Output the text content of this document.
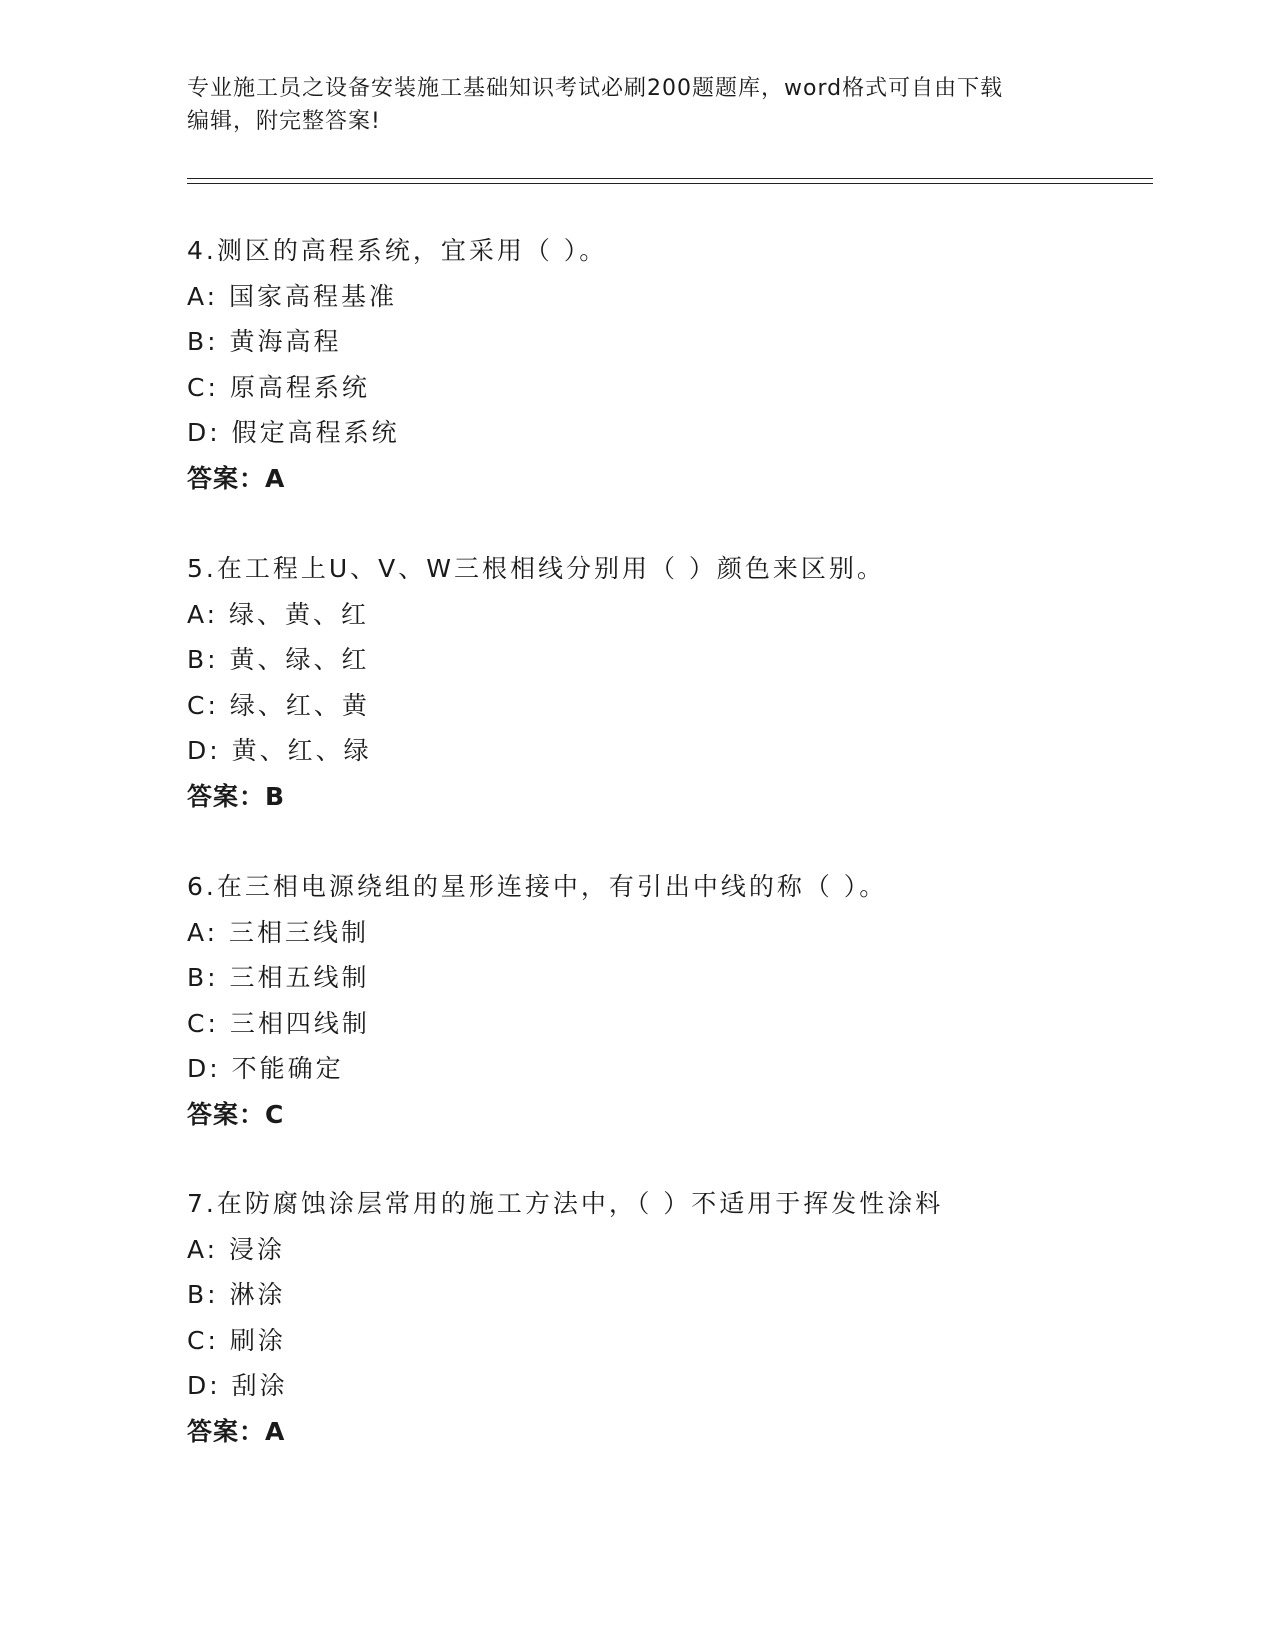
专业施工员之设备安装施工基础知识考试必刷200题题库，word格式可自由下载
编辑，附完整答案!
4.测区的高程系统，宜采用（ ）。
A: 国家高程基准
B: 黄海高程
C: 原高程系统
D: 假定高程系统
答案：A
5.在工程上U、V、W三根相线分别用（ ）颜色来区别。
A: 绿、黄、红
B: 黄、绿、红
C: 绿、红、黄
D: 黄、红、绿
答案：B
6.在三相电源绕组的星形连接中，有引出中线的称（ ）。
A: 三相三线制
B: 三相五线制
C: 三相四线制
D: 不能确定
答案：C
7.在防腐蚀涂层常用的施工方法中，（ ）不适用于挥发性涂料
A: 浸涂
B: 淋涂
C: 刷涂
D: 刮涂
答案：A
